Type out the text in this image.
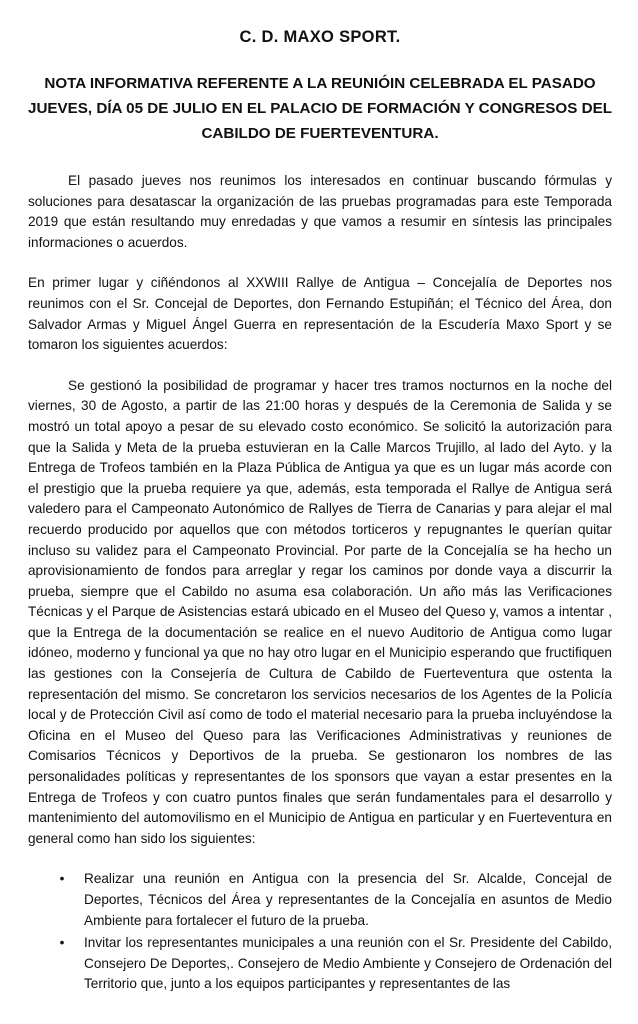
C. D. MAXO SPORT.
NOTA INFORMATIVA REFERENTE A LA REUNIÓIN CELEBRADA EL PASADO JUEVES, DÍA 05 DE JULIO EN EL PALACIO DE FORMACIÓN Y CONGRESOS DEL CABILDO DE FUERTEVENTURA.

El pasado jueves nos reunimos los interesados en continuar buscando fórmulas y soluciones para desatascar la organización de las pruebas programadas para este Temporada 2019 que están resultando muy enredadas y que vamos a resumir en síntesis las principales informaciones o acuerdos.

En primer lugar y ciñéndonos al XXWIII Rallye de Antigua – Concejalía de Deportes nos reunimos con el Sr. Concejal de Deportes, don Fernando Estupiñán; el Técnico del Área, don Salvador Armas y Miguel Ángel Guerra en representación de la Escudería Maxo Sport y se tomaron los siguientes acuerdos:

Se gestionó la posibilidad de programar y hacer tres tramos nocturnos en la noche del viernes, 30 de Agosto, a partir de las 21:00 horas y después de la Ceremonia de Salida y se mostró un total apoyo a pesar de su elevado costo económico. Se solicitó la autorización para que la Salida y Meta de la prueba estuvieran en la Calle Marcos Trujillo, al lado del Ayto. y la Entrega de Trofeos también en la Plaza Pública de Antigua ya que es un lugar más acorde con el prestigio que la prueba requiere ya que, además, esta temporada el Rallye de Antigua será valedero para el Campeonato Autonómico de Rallyes de Tierra de Canarias y para alejar el mal recuerdo producido por aquellos que con métodos torticeros y repugnantes le querían quitar incluso su validez para el Campeonato Provincial. Por parte de la Concejalía se ha hecho un aprovisionamiento de fondos para arreglar y regar los caminos por donde vaya a discurrir la prueba, siempre que el Cabildo no asuma esa colaboración. Un año más las Verificaciones Técnicas y el Parque de Asistencias estará ubicado en el Museo del Queso y, vamos a intentar , que la Entrega de la documentación se realice en el nuevo Auditorio de Antigua como lugar idóneo, moderno y funcional ya que no hay otro lugar en el Municipio esperando que fructifiquen las gestiones con la Consejería de Cultura de Cabildo de Fuerteventura que ostenta la representación del mismo. Se concretaron los servicios necesarios de los Agentes de la Policía local y de Protección Civil así como de todo el material necesario para la prueba incluyéndose la Oficina en el Museo del Queso para las Verificaciones Administrativas y reuniones de Comisarios Técnicos y Deportivos de la prueba. Se gestionaron los nombres de las personalidades políticas y representantes de los sponsors que vayan a estar presentes en la Entrega de Trofeos y con cuatro puntos finales que serán fundamentales para el desarrollo y mantenimiento del automovilismo en el Municipio de Antigua en particular y en Fuerteventura en general como han sido los siguientes:

• Realizar una reunión en Antigua con la presencia del Sr. Alcalde, Concejal de Deportes, Técnicos del Área y representantes de la Concejalía en asuntos de Medio Ambiente para fortalecer el futuro de la prueba.
• Invitar los representantes municipales a una reunión con el Sr. Presidente del Cabildo, Consejero De Deportes,. Consejero de Medio Ambiente y Consejero de Ordenación del Territorio que, junto a los equipos participantes y representantes de las
